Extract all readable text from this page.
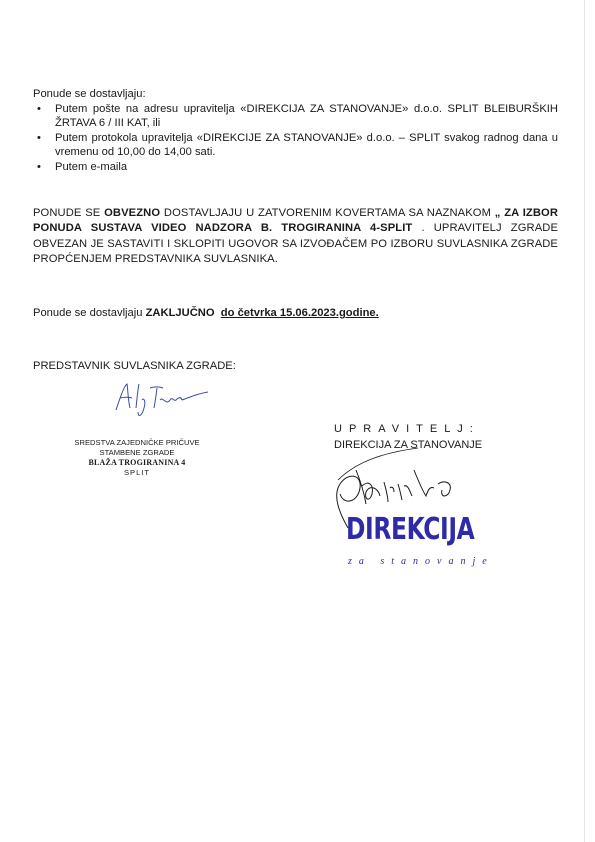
Ponude se dostavljaju:
• Putem pošte na adresu upravitelja «DIREKCIJA ZA STANOVANJE» d.o.o. SPLIT BLEIBURŠKIH ŽRTAVA 6 / III KAT, ili
• Putem protokola upravitelja «DIREKCIJE ZA STANOVANJE» d.o.o. – SPLIT svakog radnog dana u vremenu od 10,00 do 14,00 sati.
• Putem e-maila
PONUDE SE OBVEZNO DOSTAVLJAJU U ZATVORENIM KOVERTAMA SA NAZNAKOM „ ZA IZBOR PONUDA SUSTAVA VIDEO NADZORA B. TROGIRANINA 4-SPLIT . UPRAVITELJ ZGRADE OBVEZAN JE SASTAVITI I SKLOPITI UGOVOR SA IZVOĐAČEM PO IZBORU SUVLASNIKA ZGRADE PROPĆENJEM PREDSTAVNIKA SUVLASNIKA.
Ponude se dostavljaju ZAKLJUČNO do četvrka 15.06.2023.godine.
PREDSTAVNIK SUVLASNIKA ZGRADE:
SREDSTVA ZAJEDNIČKE PRIČUVE
STAMBENE ZGRADE
BLAŽA TROGIRANINA 4
SPLIT
UPRAVITELJ:
DIREKCIJA ZA STANOVANJE
DIREKCIJA
za stanovanje
